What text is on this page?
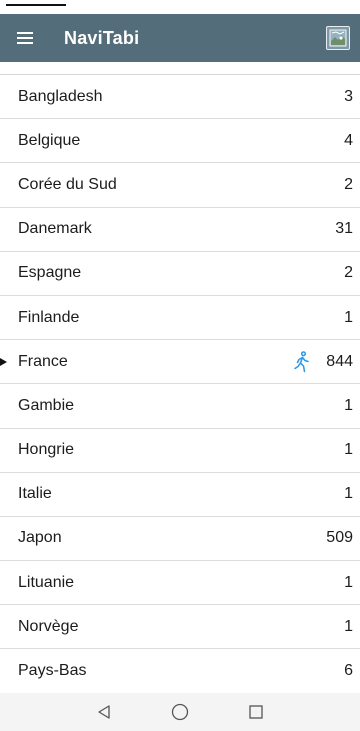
NaviTabi
Bangladesh	3
Belgique	4
Corée du Sud	2
Danemark	31
Espagne	2
Finlande	1
France	844
Gambie	1
Hongrie	1
Italie	1
Japon	509
Lituanie	1
Norvège	1
Pays-Bas	6
